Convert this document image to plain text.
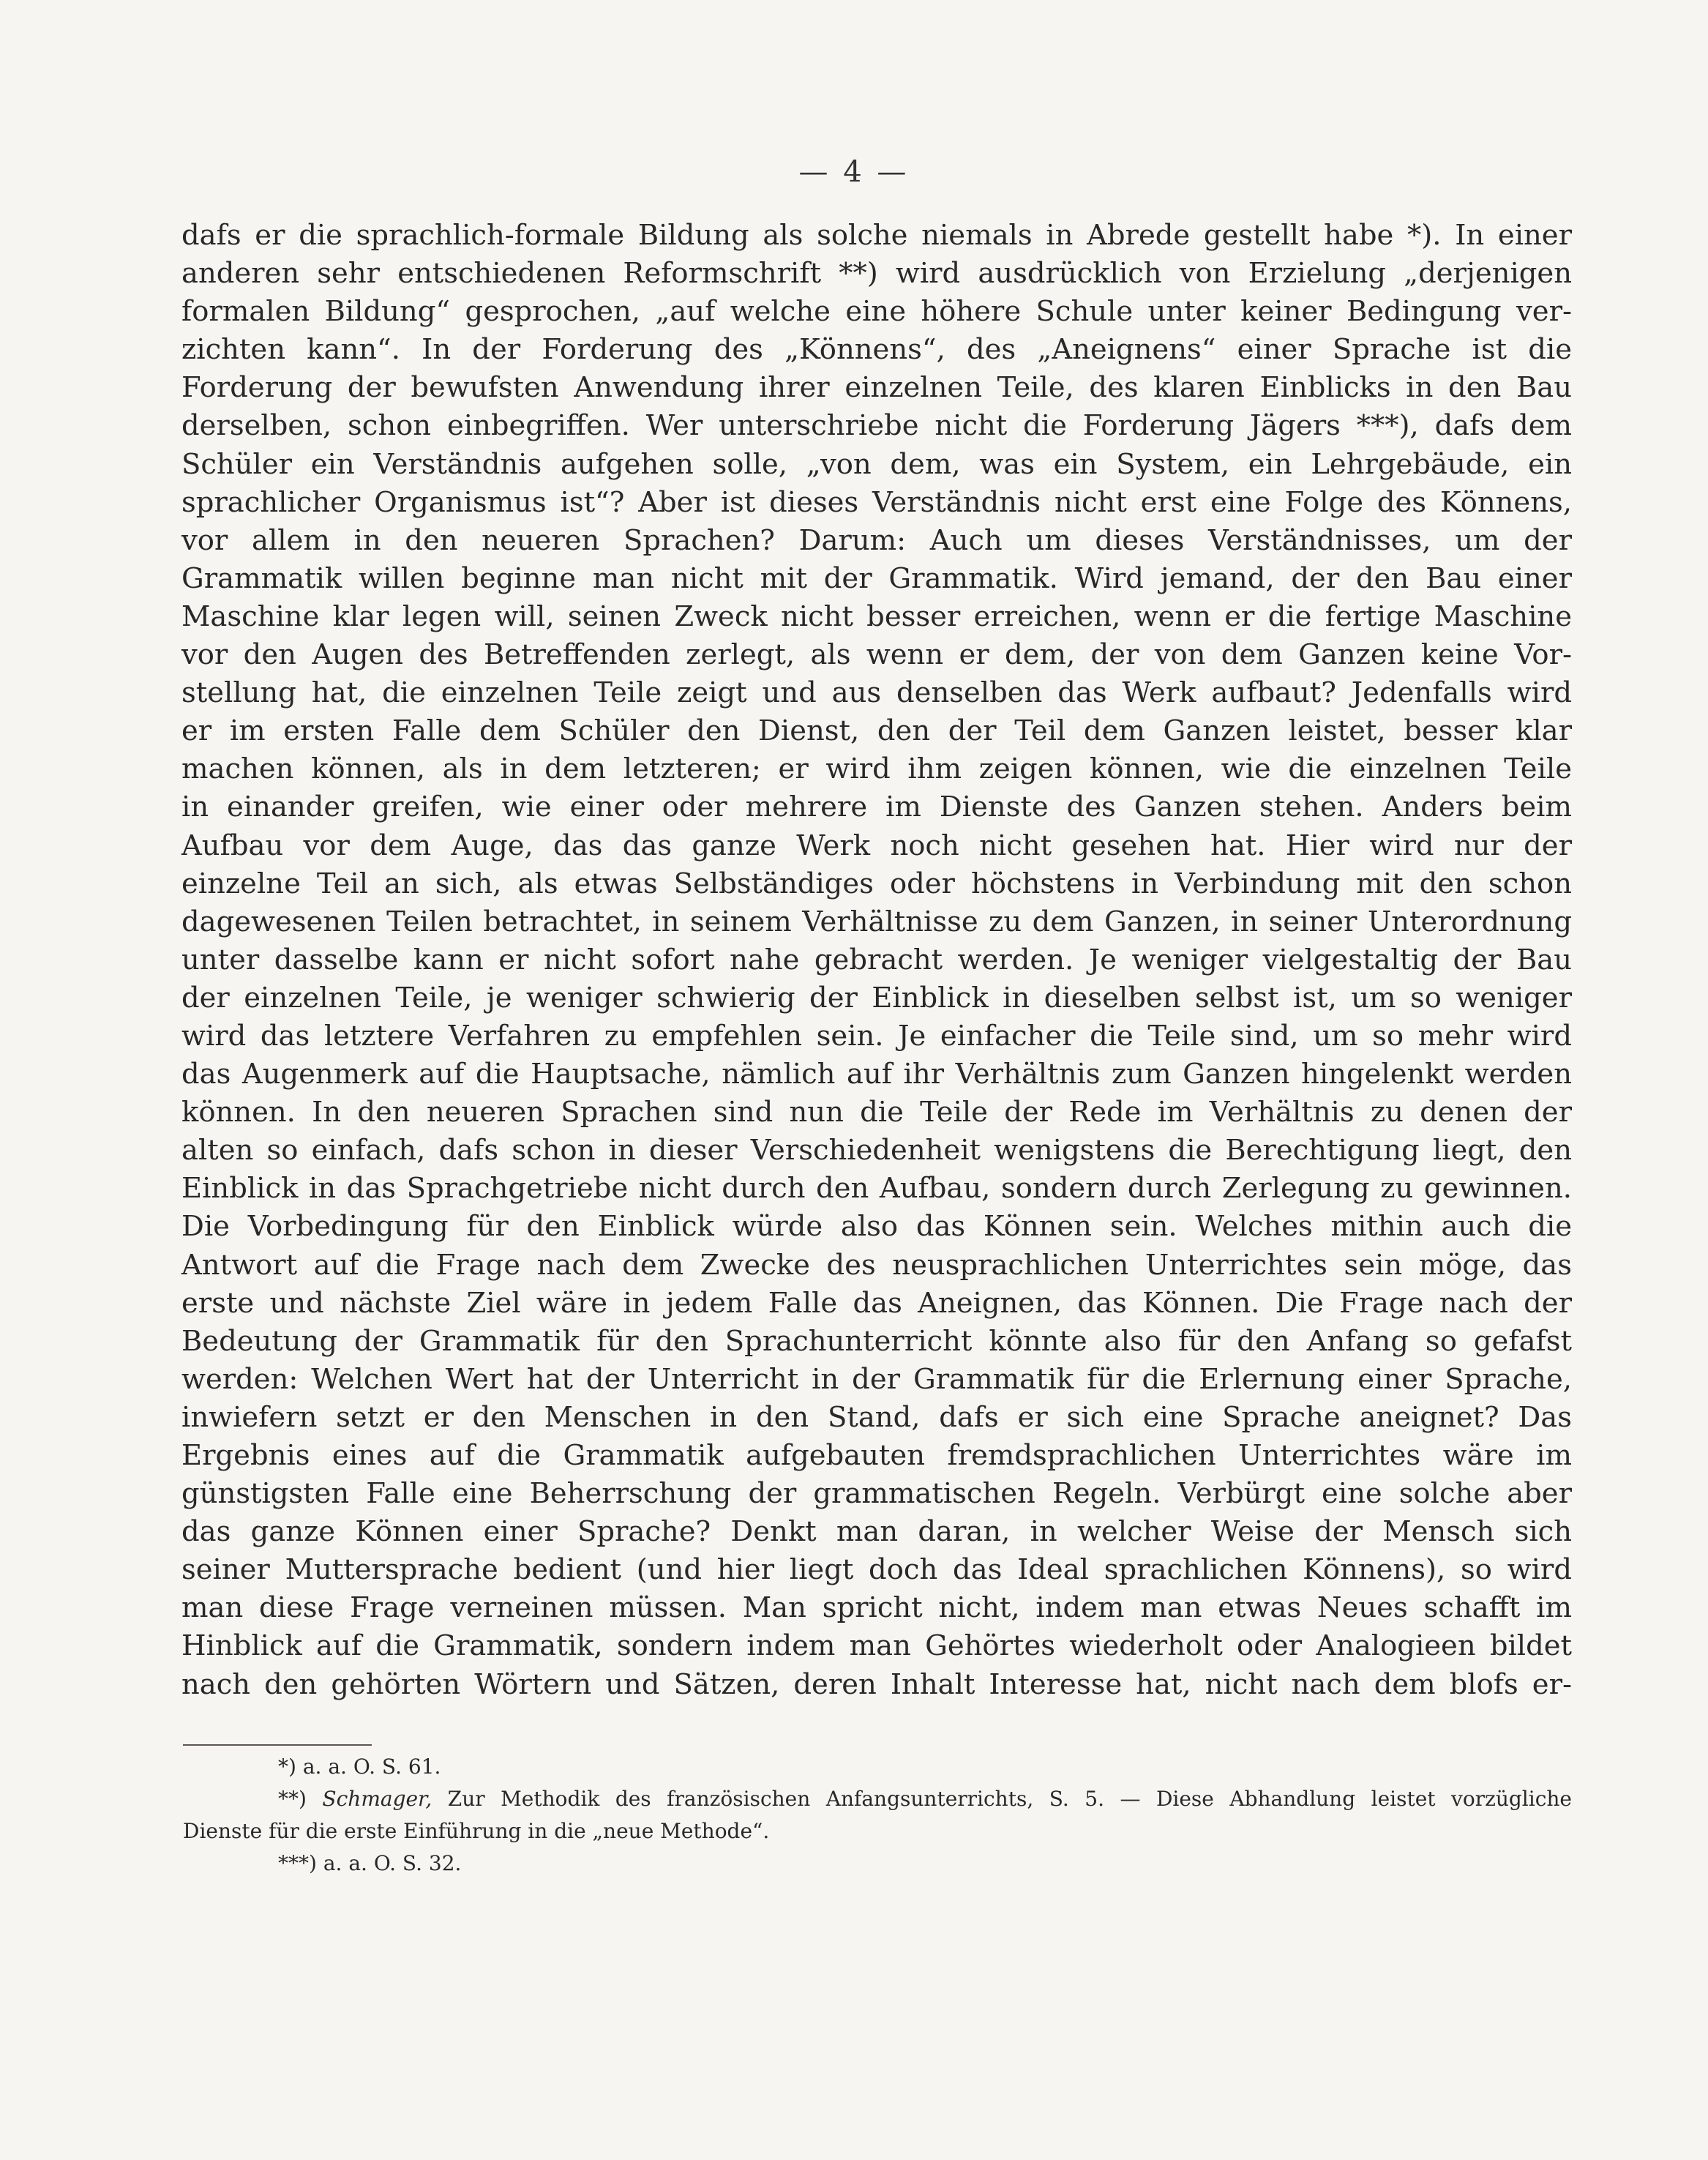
— 4 —
dafs er die sprachlich-formale Bildung als solche niemals in Abrede gestellt habe *). In einer
anderen sehr entschiedenen Reformschrift **) wird ausdrücklich von Erzielung „derjenigen
formalen Bildung“ gesprochen, „auf welche eine höhere Schule unter keiner Bedingung ver-
zichten kann“. In der Forderung des „Könnens“, des „Aneignens“ einer Sprache ist die
Forderung der bewufsten Anwendung ihrer einzelnen Teile, des klaren Einblicks in den Bau
derselben, schon einbegriffen. Wer unterschriebe nicht die Forderung Jägers ***), dafs dem
Schüler ein Verständnis aufgehen solle, „von dem, was ein System, ein Lehrgebäude, ein
sprachlicher Organismus ist“? Aber ist dieses Verständnis nicht erst eine Folge des Könnens,
vor allem in den neueren Sprachen? Darum: Auch um dieses Verständnisses, um der
Grammatik willen beginne man nicht mit der Grammatik. Wird jemand, der den Bau einer
Maschine klar legen will, seinen Zweck nicht besser erreichen, wenn er die fertige Maschine
vor den Augen des Betreffenden zerlegt, als wenn er dem, der von dem Ganzen keine Vor-
stellung hat, die einzelnen Teile zeigt und aus denselben das Werk aufbaut? Jedenfalls wird
er im ersten Falle dem Schüler den Dienst, den der Teil dem Ganzen leistet, besser klar
machen können, als in dem letzteren; er wird ihm zeigen können, wie die einzelnen Teile
in einander greifen, wie einer oder mehrere im Dienste des Ganzen stehen. Anders beim
Aufbau vor dem Auge, das das ganze Werk noch nicht gesehen hat. Hier wird nur der
einzelne Teil an sich, als etwas Selbständiges oder höchstens in Verbindung mit den schon
dagewesenen Teilen betrachtet, in seinem Verhältnisse zu dem Ganzen, in seiner Unterordnung
unter dasselbe kann er nicht sofort nahe gebracht werden. Je weniger vielgestaltig der Bau
der einzelnen Teile, je weniger schwierig der Einblick in dieselben selbst ist, um so weniger
wird das letztere Verfahren zu empfehlen sein. Je einfacher die Teile sind, um so mehr wird
das Augenmerk auf die Hauptsache, nämlich auf ihr Verhältnis zum Ganzen hingelenkt werden
können. In den neueren Sprachen sind nun die Teile der Rede im Verhältnis zu denen der
alten so einfach, dafs schon in dieser Verschiedenheit wenigstens die Berechtigung liegt, den
Einblick in das Sprachgetriebe nicht durch den Aufbau, sondern durch Zerlegung zu gewinnen.
Die Vorbedingung für den Einblick würde also das Können sein. Welches mithin auch die
Antwort auf die Frage nach dem Zwecke des neusprachlichen Unterrichtes sein möge, das
erste und nächste Ziel wäre in jedem Falle das Aneignen, das Können. Die Frage nach der
Bedeutung der Grammatik für den Sprachunterricht könnte also für den Anfang so gefafst
werden: Welchen Wert hat der Unterricht in der Grammatik für die Erlernung einer Sprache,
inwiefern setzt er den Menschen in den Stand, dafs er sich eine Sprache aneignet? Das
Ergebnis eines auf die Grammatik aufgebauten fremdsprachlichen Unterrichtes wäre im
günstigsten Falle eine Beherrschung der grammatischen Regeln. Verbürgt eine solche aber
das ganze Können einer Sprache? Denkt man daran, in welcher Weise der Mensch sich
seiner Muttersprache bedient (und hier liegt doch das Ideal sprachlichen Könnens), so wird
man diese Frage verneinen müssen. Man spricht nicht, indem man etwas Neues schafft im
Hinblick auf die Grammatik, sondern indem man Gehörtes wiederholt oder Analogieen bildet
nach den gehörten Wörtern und Sätzen, deren Inhalt Interesse hat, nicht nach dem blofs er-
*) a. a. O. S. 61.
**) Schmager, Zur Methodik des französischen Anfangsunterrichts, S. 5. — Diese Abhandlung leistet vorzügliche
Dienste für die erste Einführung in die „neue Methode“.
***) a. a. O. S. 32.
